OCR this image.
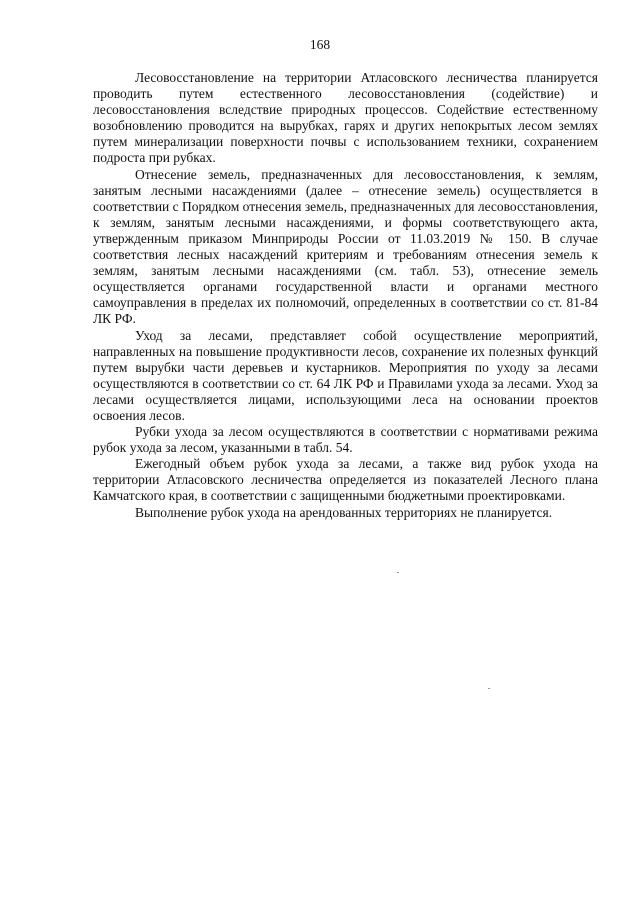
168

Лесовосстановление на территории Атласовского лесничества планируется проводить путем естественного лесовосстановления (содействие) и лесовосстановления вследствие природных процессов. Содействие естественному возобновлению проводится на вырубках, гарях и других непокрытых лесом землях путем минерализации поверхности почвы с использованием техники, сохранением подроста при рубках.

Отнесение земель, предназначенных для лесовосстановления, к землям, занятым лесными насаждениями (далее – отнесение земель) осуществляется в соответствии с Порядком отнесения земель, предназначенных для лесовосстановления, к землям, занятым лесными насаждениями, и формы соответствующего акта, утвержденным приказом Минприроды России от 11.03.2019 № 150. В случае соответствия лесных насаждений критериям и требованиям отнесения земель к землям, занятым лесными насаждениями (см. табл. 53), отнесение земель осуществляется органами государственной власти и органами местного самоуправления в пределах их полномочий, определенных в соответствии со ст. 81-84 ЛК РФ.

Уход за лесами, представляет собой осуществление мероприятий, направленных на повышение продуктивности лесов, сохранение их полезных функций путем вырубки части деревьев и кустарников. Мероприятия по уходу за лесами осуществляются в соответствии со ст. 64 ЛК РФ и Правилами ухода за лесами. Уход за лесами осуществляется лицами, использующими леса на основании проектов освоения лесов.

Рубки ухода за лесом осуществляются в соответствии с нормативами режима рубок ухода за лесом, указанными в табл. 54.

Ежегодный объем рубок ухода за лесами, а также вид рубок ухода на территории Атласовского лесничества определяется из показателей Лесного плана Камчатского края, в соответствии с защищенными бюджетными проектировками.

Выполнение рубок ухода на арендованных территориях не планируется.
